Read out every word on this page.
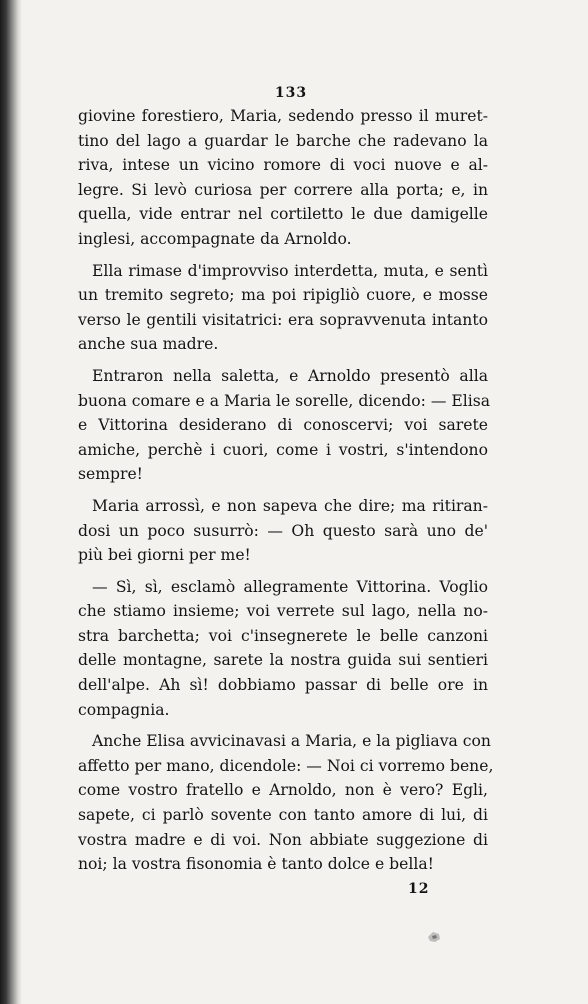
133
giovine forestiero, Maria, sedendo presso il muret-
tino del lago a guardar le barche che radevano la
riva, intese un vicino romore di voci nuove e al-
legre. Si levò curiosa per correre alla porta; e, in
quella, vide entrar nel cortiletto le due damigelle
inglesi, accompagnate da Arnoldo.
Ella rimase d'improvviso interdetta, muta, e sentì
un tremito segreto; ma poi ripigliò cuore, e mosse
verso le gentili visitatrici: era sopravvenuta intanto
anche sua madre.
Entraron nella saletta, e Arnoldo presentò alla
buona comare e a Maria le sorelle, dicendo: — Elisa
e Vittorina desiderano di conoscervi; voi sarete
amiche, perchè i cuori, come i vostri, s'intendono
sempre!
Maria arrossì, e non sapeva che dire; ma ritiran-
dosi un poco susurrò: — Oh questo sarà uno de'
più bei giorni per me!
— Sì, sì, esclamò allegramente Vittorina. Voglio
che stiamo insieme; voi verrete sul lago, nella no-
stra barchetta; voi c'insegnerete le belle canzoni
delle montagne, sarete la nostra guida sui sentieri
dell'alpe. Ah sì! dobbiamo passar di belle ore in
compagnia.
Anche Elisa avvicinavasi a Maria, e la pigliava con
affetto per mano, dicendole: — Noi ci vorremo bene,
come vostro fratello e Arnoldo, non è vero? Egli,
sapete, ci parlò sovente con tanto amore di lui, di
vostra madre e di voi. Non abbiate suggezione di
noi; la vostra fisonomia è tanto dolce e bella!
12
